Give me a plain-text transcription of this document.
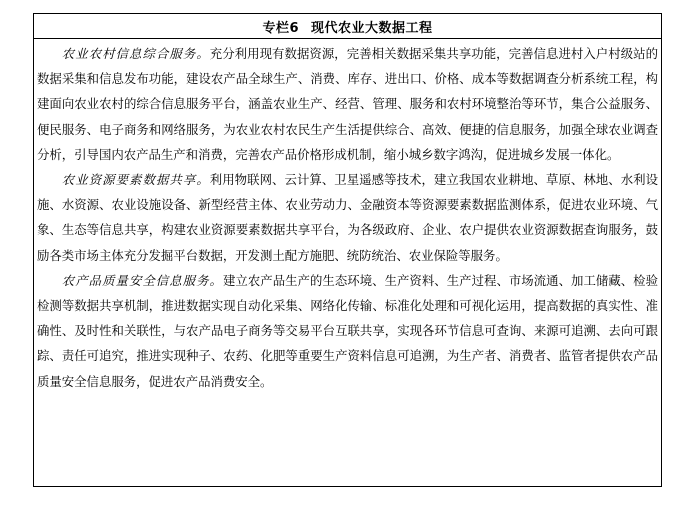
专栏6 现代农业大数据工程

农业农村信息综合服务。充分利用现有数据资源，完善相关数据采集共享功能，完善信息进村入户村级站的数据采集和信息发布功能，建设农产品全球生产、消费、库存、进出口、价格、成本等数据调查分析系统工程，构建面向农业农村的综合信息服务平台，涵盖农业生产、经营、管理、服务和农村环境整治等环节，集合公益服务、便民服务、电子商务和网络服务，为农业农村农民生产生活提供综合、高效、便捷的信息服务，加强全球农业调查分析，引导国内农产品生产和消费，完善农产品价格形成机制，缩小城乡数字鸿沟，促进城乡发展一体化。

农业资源要素数据共享。利用物联网、云计算、卫星遥感等技术，建立我国农业耕地、草原、林地、水利设施、水资源、农业设施设备、新型经营主体、农业劳动力、金融资本等资源要素数据监测体系，促进农业环境、气象、生态等信息共享，构建农业资源要素数据共享平台，为各级政府、企业、农户提供农业资源数据查询服务，鼓励各类市场主体充分发掘平台数据，开发测土配方施肥、统防统治、农业保险等服务。

农产品质量安全信息服务。建立农产品生产的生态环境、生产资料、生产过程、市场流通、加工储藏、检验检测等数据共享机制，推进数据实现自动化采集、网络化传输、标准化处理和可视化运用，提高数据的真实性、准确性、及时性和关联性，与农产品电子商务等交易平台互联共享，实现各环节信息可查询、来源可追溯、去向可跟踪、责任可追究，推进实现种子、农药、化肥等重要生产资料信息可追溯，为生产者、消费者、监管者提供农产品质量安全信息服务，促进农产品消费安全。
